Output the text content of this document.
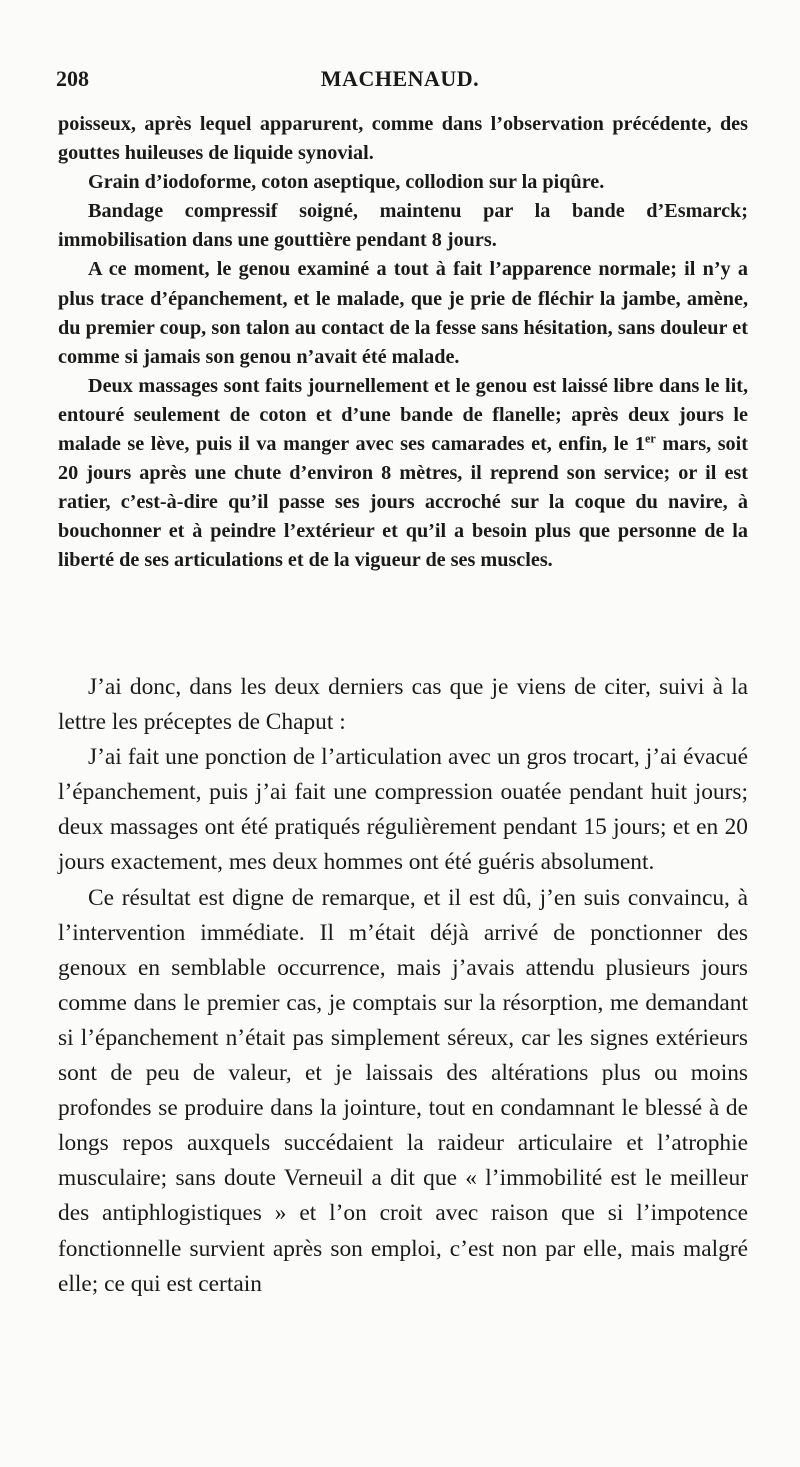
208	MACHENAUD.

poisseux, après lequel apparurent, comme dans l’observation précédente, des gouttes huileuses de liquide synovial.

Grain d’iodoforme, coton aseptique, collodion sur la piqûre.

Bandage compressif soigné, maintenu par la bande d’Esmarck; immobilisation dans une gouttière pendant 8 jours.

A ce moment, le genou examiné a tout à fait l’apparence normale; il n’y a plus trace d’épanchement, et le malade, que je prie de fléchir la jambe, amène, du premier coup, son talon au contact de la fesse sans hésitation, sans douleur et comme si jamais son genou n’avait été malade.

Deux massages sont faits journellement et le genou est laissé libre dans le lit, entouré seulement de coton et d’une bande de flanelle; après deux jours le malade se lève, puis il va manger avec ses camarades et, enfin, le 1er mars, soit 20 jours après une chute d’environ 8 mètres, il reprend son service; or il est ratier, c’est-à-dire qu’il passe ses jours accroché sur la coque du navire, à bouchonner et à peindre l’extérieur et qu’il a besoin plus que personne de la liberté de ses articulations et de la vigueur de ses muscles.

J’ai donc, dans les deux derniers cas que je viens de citer, suivi à la lettre les préceptes de Chaput :

J’ai fait une ponction de l’articulation avec un gros trocart, j’ai évacué l’épanchement, puis j’ai fait une compression ouatée pendant huit jours; deux massages ont été pratiqués régulièrement pendant 15 jours; et en 20 jours exactement, mes deux hommes ont été guéris absolument.

Ce résultat est digne de remarque, et il est dû, j’en suis convaincu, à l’intervention immédiate. Il m’était déjà arrivé de ponctionner des genoux en semblable occurrence, mais j’avais attendu plusieurs jours comme dans le premier cas, je comptais sur la résorption, me demandant si l’épanchement n’était pas simplement séreux, car les signes extérieurs sont de peu de valeur, et je laissais des altérations plus ou moins profondes se produire dans la jointure, tout en condamnant le blessé à de longs repos auxquels succédaient la raideur articulaire et l’atrophie musculaire; sans doute Verneuil a dit que « l’immobilité est le meilleur des antiphlogistiques » et l’on croit avec raison que si l’impotence fonctionnelle survient après son emploi, c’est non par elle, mais malgré elle; ce qui est certain
